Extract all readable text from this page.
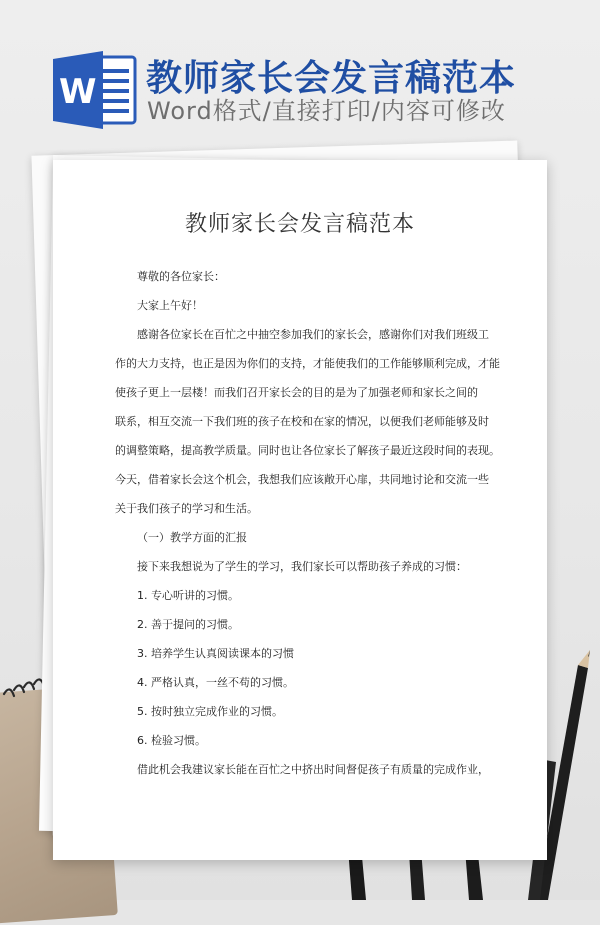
W 教师家长会发言稿范本
Word格式/直接打印/内容可修改
教师家长会发言稿范本

尊敬的各位家长：

大家上午好！

感谢各位家长在百忙之中抽空参加我们的家长会，感谢你们对我们班级工

作的大力支持，也正是因为你们的支持，才能使我们的工作能够顺利完成，才能

使孩子更上一层楼！而我们召开家长会的目的是为了加强老师和家长之间的

联系，相互交流一下我们班的孩子在校和在家的情况，以便我们老师能够及时

的调整策略，提高教学质量。同时也让各位家长了解孩子最近这段时间的表现。

今天，借着家长会这个机会，我想我们应该敞开心扉，共同地讨论和交流一些

关于我们孩子的学习和生活。

（一）教学方面的汇报

接下来我想说为了学生的学习，我们家长可以帮助孩子养成的习惯：

1. 专心听讲的习惯。

2. 善于提问的习惯。

3. 培养学生认真阅读课本的习惯

4. 严格认真，一丝不苟的习惯。

5. 按时独立完成作业的习惯。

6. 检验习惯。

借此机会我建议家长能在百忙之中挤出时间督促孩子有质量的完成作业，
